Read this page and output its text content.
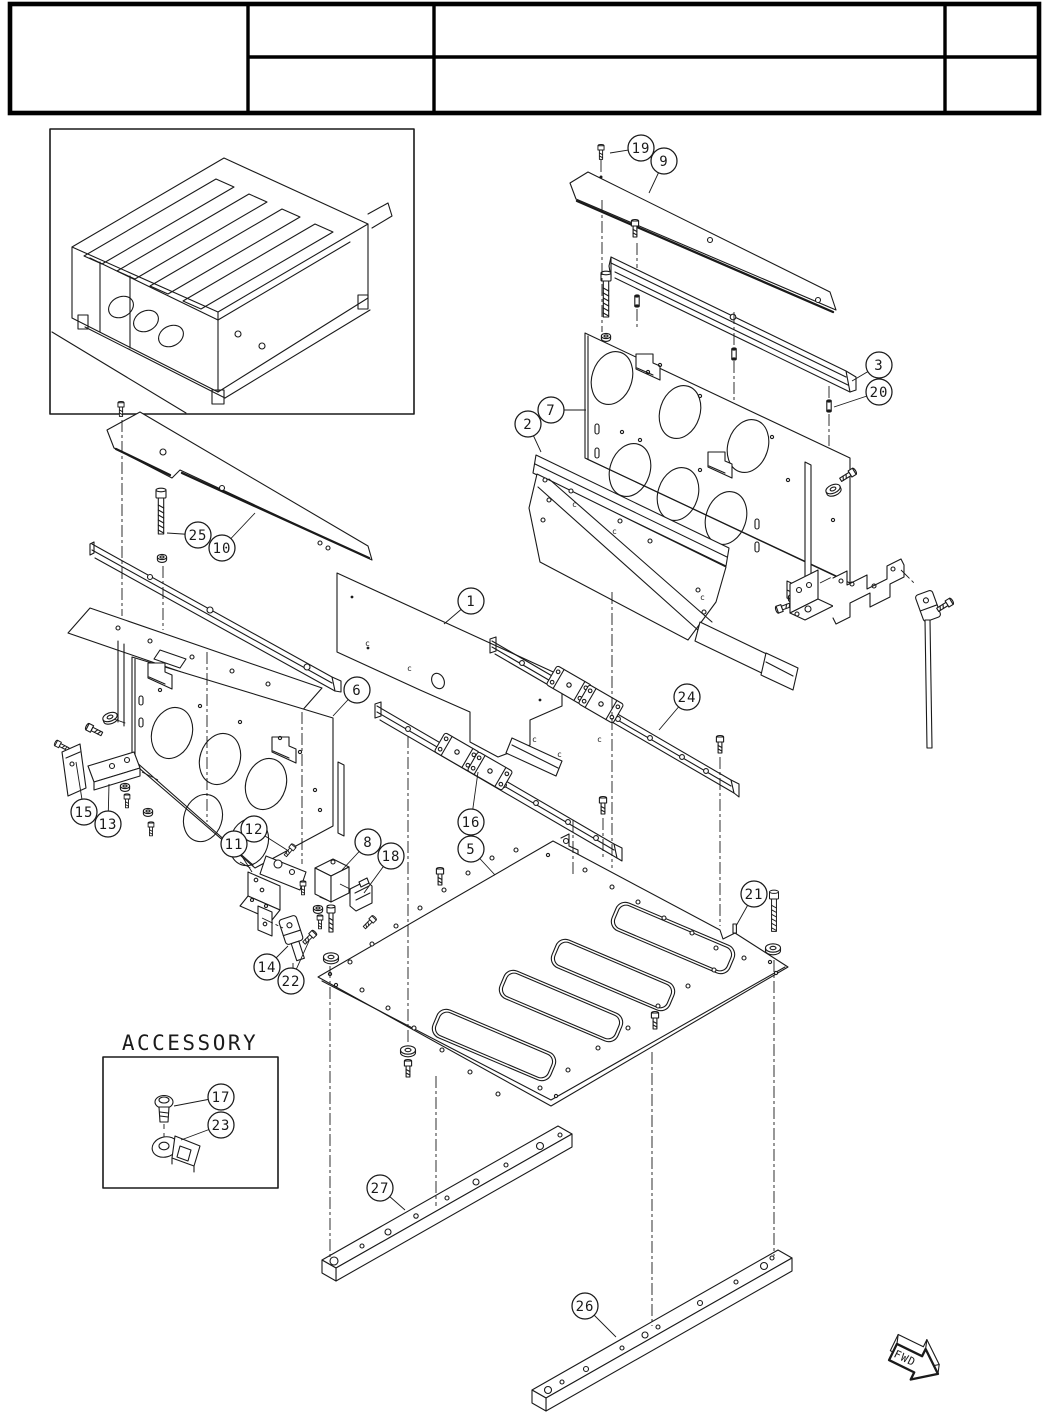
c
c
c
c
c
c
c
c
ACCESSORY
FWD
19
9
3
20
7
2
25
10
1
6	24
15
13	12
11	8
18
16
5
21
14
22
17
23
27
26
